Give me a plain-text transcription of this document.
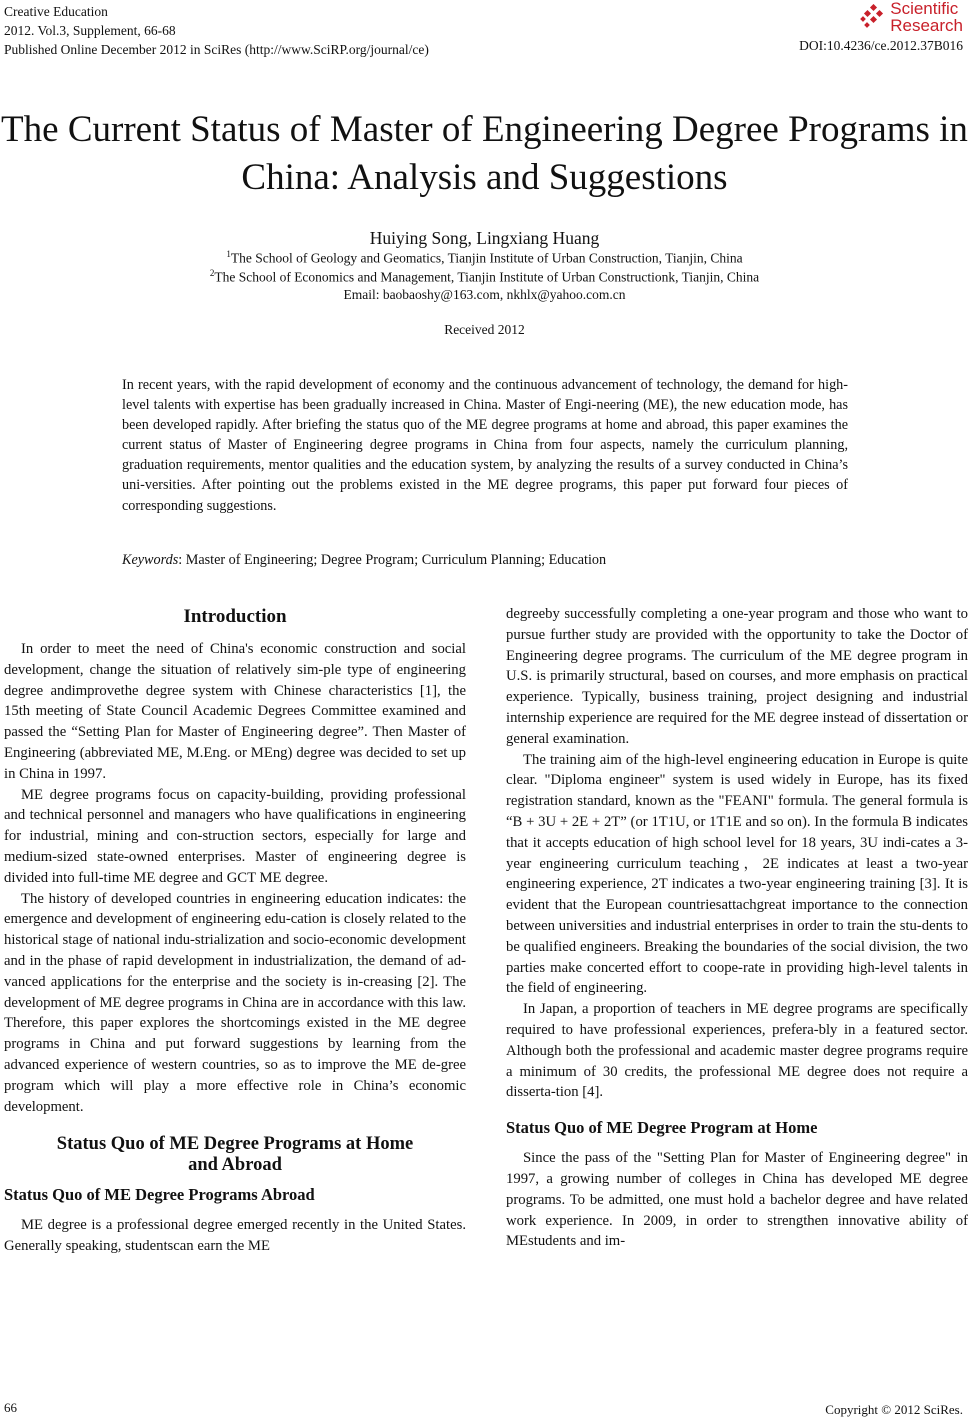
Creative Education
2012. Vol.3, Supplement, 66-68
Published Online December 2012 in SciRes (http://www.SciRP.org/journal/ce)
Scientific
Research
DOI:10.4236/ce.2012.37B016
The Current Status of Master of Engineering Degree Programs in
China: Analysis and Suggestions
Huiying Song, Lingxiang Huang
$^1$The School of Geology and Geomatics, Tianjin Institute of Urban Construction, Tianjin, China
$^2$The School of Economics and Management, Tianjin Institute of Urban Constructionk, Tianjin, China
Email: baobaoshy@163.com, nkhlx@yahoo.com.cn
Received 2012
In recent years, with the rapid development of economy and the continuous advancement of technology, the demand for high-level talents with expertise has been gradually increased in China. Master of Engi-neering (ME), the new education mode, has been developed rapidly. After briefing the status quo of the ME degree programs at home and abroad, this paper examines the current status of Master of Engineering degree programs in China from four aspects, namely the curriculum planning, graduation requirements, mentor qualities and the education system, by analyzing the results of a survey conducted in China’s uni-versities. After pointing out the problems existed in the ME degree programs, this paper put forward four pieces of corresponding suggestions.
Keywords: Master of Engineering; Degree Program; Curriculum Planning; Education
Introduction

In order to meet the need of China's economic construction and social development, change the situation of relatively sim-ple type of engineering degree andimprovethe degree system with Chinese characteristics [1], the 15th meeting of State Council Academic Degrees Committee examined and passed the “Setting Plan for Master of Engineering degree”. Then Master of Engineering (abbreviated ME, M.Eng. or MEng) degree was decided to set up in China in 1997.

ME degree programs focus on capacity-building, providing professional and technical personnel and managers who have qualifications in engineering for industrial, mining and con-struction sectors, especially for large and medium-sized state-owned enterprises. Master of engineering degree is divided into full-time ME degree and GCT ME degree.

The history of developed countries in engineering education indicates: the emergence and development of engineering edu-cation is closely related to the historical stage of national indu-strialization and socio-economic development and in the phase of rapid development in industrialization, the demand of ad-vanced applications for the enterprise and the society is in-creasing [2]. The development of ME degree programs in China are in accordance with this law. Therefore, this paper explores the shortcomings existed in the ME degree programs in China and put forward suggestions by learning from the advanced experience of western countries, so as to improve the ME de-gree program which will play a more effective role in China’s economic development.

Status Quo of ME Degree Programs at Home
and Abroad
Status Quo of ME Degree Programs Abroad

ME degree is a professional degree emerged recently in the United States. Generally speaking, studentscan earn the ME

degreeby successfully completing a one-year program and those who want to pursue further study are provided with the opportunity to take the Doctor of Engineering degree programs. The curriculum of the ME degree program in U.S. is primarily structural, based on courses, and more emphasis on practical experience. Typically, business training, project designing and industrial internship experience are required for the ME degree instead of dissertation or general examination.

The training aim of the high-level engineering education in Europe is quite clear. "Diploma engineer" system is used widely in Europe, has its fixed registration standard, known as the "FEANI" formula. The general formula is “B + 3U + 2E + 2T” (or 1T1U, or 1T1E and so on). In the formula B indicates that it accepts education of high school level for 18 years, 3U indi-cates a 3-year engineering curriculum teaching，2E indicates at least a two-year engineering experience, 2T indicates a two-year engineering training [3]. It is evident that the European countriesattachgreat importance to the connection between universities and industrial enterprises in order to train the stu-dents to be qualified engineers. Breaking the boundaries of the social division, the two parties make concerted effort to coope-rate in providing high-level talents in the field of engineering.

In Japan, a proportion of teachers in ME degree programs are specifically required to have professional experiences, prefera-bly in a featured sector. Although both the professional and academic master degree programs require a minimum of 30 credits, the professional ME degree does not require a disserta-tion [4].

Status Quo of ME Degree Program at Home

Since the pass of the "Setting Plan for Master of Engineering degree" in 1997, a growing number of colleges in China has developed ME degree programs. To be admitted, one must hold a bachelor degree and have related work experience. In 2009, in order to strengthen innovative ability of MEstudents and im-

66	Copyright © 2012 SciRes.
